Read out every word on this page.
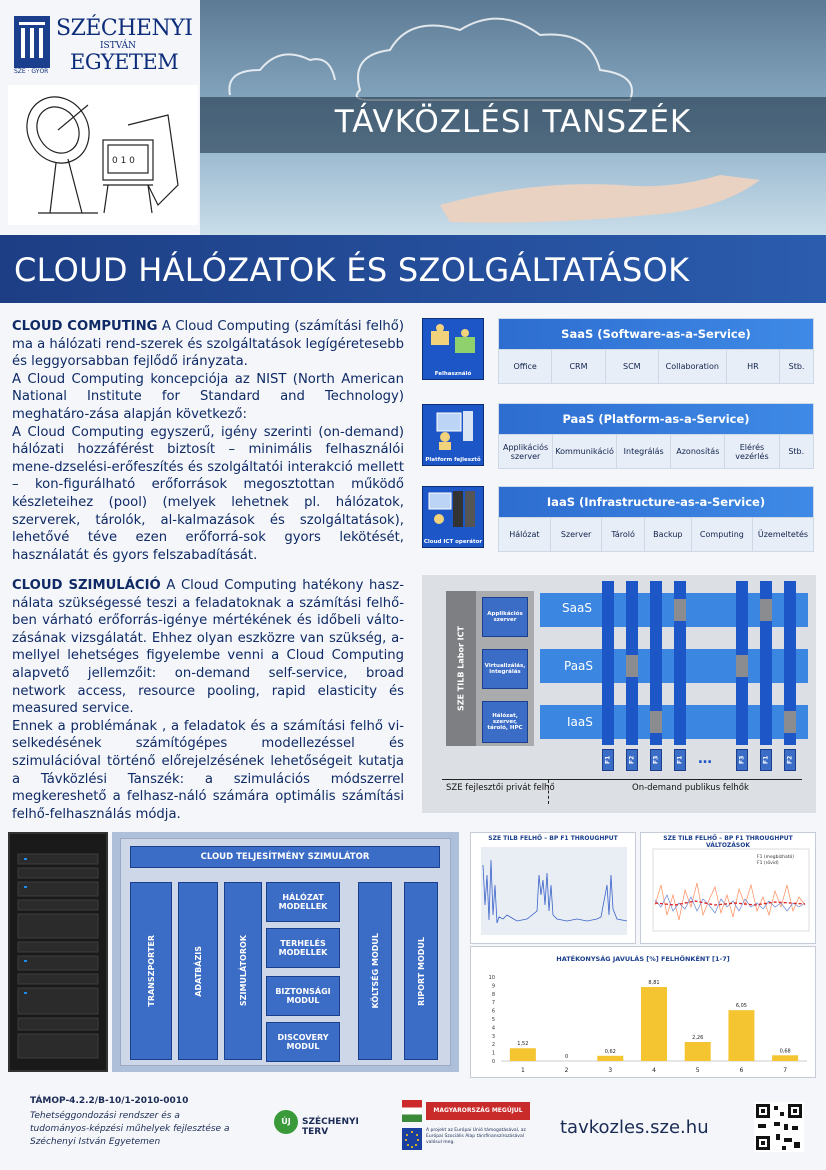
SZÉCHENYI
ISTVÁN
EGYETEM
SZE · GYŐR
0 1 0
TÁVKÖZLÉSI TANSZÉK
CLOUD HÁLÓZATOK ÉS SZOLGÁLTATÁSOK

CLOUD COMPUTING A Cloud Computing (számítási felhő) ma a hálózati rend-szerek és szolgáltatások legígéretesebb és leggyorsabban fejlődő irányzata.

A Cloud Computing koncepciója az NIST (North American National Institute for Standard and Technology) meghatáro-zása alapján következő:

A Cloud Computing egyszerű, igény szerinti (on-demand) hálózati hozzáférést biztosít – minimális felhasználói mene-dzselési-erőfeszítés és szolgáltatói interakció mellett – kon-figurálható erőforrások megosztottan működő készleteihez (pool) (melyek lehetnek pl. hálózatok, szerverek, tárolók, al-kalmazások és szolgáltatások), lehetővé téve ezen erőforrá-sok gyors lekötését, használatát és gyors felszabadítását.

Felhasználó
Platform fejlesztő
Cloud ICT operátor
SaaS (Software-as-a-Service)
Office	CRM	SCM	Collaboration	HR	Stb.
PaaS (Platform-as-a-Service)
Applikációs szerver	Kommunikáció	Integrálás	Azonosítás	Elérés vezérlés	Stb.
IaaS (Infrastructure-as-a-Service)
Hálózat	Szerver	Tároló	Backup	Computing	Üzemeltetés

CLOUD SZIMULÁCIÓ A Cloud Computing hatékony hasz-nálata szükségessé teszi a feladatoknak a számítási felhő-ben várható erőforrás-igénye mértékének és időbeli válto-zásának vizsgálatát. Ehhez olyan eszközre van szükség, a-mellyel lehetséges figyelembe venni a Cloud Computing alapvető jellemzőit: on-demand self-service, broad network access, resource pooling, rapid elasticity és measured service.

Ennek a problémának , a feladatok és a számítási felhő vi-selkedésének számítógépes modellezéssel és szimulációval történő előrejelzésének lehetőségeit kutatja a Távközlési Tanszék: a szimulációs módszerrel megkereshető a felhasz-náló számára optimális számítási felhő-felhasználás módja.

SZE TILB Labor ICT
Applikációs szerver
Virtualizálás, integrálás
Hálózat, szerver, tároló, HPC
SaaS
PaaS
IaaS
F1	F2	F3	F1 …	F3	F1	F2
SZE fejlesztői privát felhő	On-demand publikus felhők
CLOUD TELJESÍTMÉNY SZIMULÁTOR
TRANSZPORTER	ADATBÁZIS	SZIMULÁTOROK
HÁLÓZAT MODELLEK
TERHELÉS MODELLEK
BIZTONSÁGI MODUL
DISCOVERY MODUL
KÖLTSÉG MODUL	RIPORT MODUL
SZE TILB FELHŐ – BP F1 THROUGHPUT	SZE TILB FELHŐ – BP F1 THROUGHPUT VÁLTOZÁSOK
F1 (megbízható)
F1 (rövid)
HATÉKONYSÁG JAVULÁS [%] FELHŐNKÉNT [1-7]
0
1
2
3
4
5
6
7
8
9
10
1,52
1
0
2
0,62
3
8,81
4
2,26
5
6,05
6
0,68
7
TÁMOP-4.2.2/B-10/1-2010-0010
Tehetséggondozási rendszer és a
tudományos-képzési műhelyek fejlesztése a
Széchenyi István Egyetemen
ÚJ	SZÉCHENYI TERV
MAGYARORSZÁG MEGÚJUL
A projekt az Európai Unió támogatásával, az Európai Szociális Alap társfinanszírozásával valósul meg.
tavkozles.sze.hu
